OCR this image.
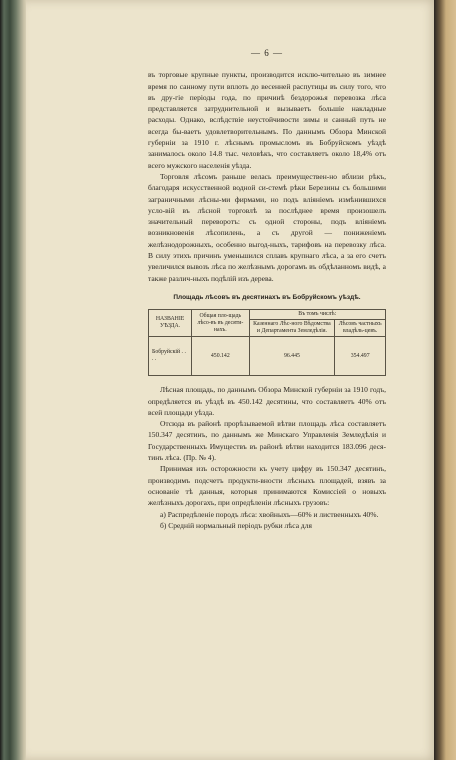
— 6 —

въ торговые крупные пункты, производится исклю-чительно въ зимнее время по санному пути вплоть до весенней распутицы въ силу того, что въ дру-гіе періоды года, по причинѣ бездорожья перевозка лѣса представляется затруднительной и вызываетъ большіе накладные расходы. Однако, вслѣдствіе неустойчивости зимы и санный путь не всегда бы-ваетъ удовлетворительнымъ. По даннымъ Обзора Минской губерніи за 1910 г. лѣснымъ промысломъ въ Бобруйскомъ уѣздѣ занималось около 14.8 тыс. человѣкъ, что составляетъ около 18,4% отъ всего мужского населенія уѣзда.

Торговля лѣсомъ раньше велась преимуществен-но вблизи рѣкъ, благодаря искусственной водной си-стемѣ рѣки Березины съ большими заграничными лѣсны-ми фирмами, но подъ вліяніемъ измѣнившихся усло-вій въ лѣсной торговлѣ за послѣднее время произошелъ значительный переворотъ: съ одной стороны, подъ вліяніемъ возникновенія лѣсопилень, а съ другой — пониженіемъ желѣзнодорожныхъ, особенно выгод-ныхъ, тарифовъ на перевозку лѣса. В силу этихъ причинъ уменьшился сплавъ крупнаго лѣса, а за его счетъ увеличился вывозъ лѣса по желѣзнымъ дорогамъ въ обдѣланномъ видѣ, а также различ-ныхъ подѣлій изъ дерева.

Площадь лѣсовъ въ десятинахъ въ Бобруйскомъ уѣздѣ.
НАЗВАНІЕ УѢЗДА.	Общая пло-щадь лѣсо-въ въ десяти-нахъ.	Въ томъ числѣ:	
		Казеннаго Лѣс-ного Вѣдомства и Департамента Земледѣлія.	Лѣсовъ частныхъ владѣль-цевъ.
Бобруйскій . . . .	450.142	96.445	354.497

Лѣсная площадь, по даннымъ Обзора Минской губерніи за 1910 годъ, опредѣляется въ уѣздѣ въ 450.142 десятины, что составляетъ 40% отъ всей площади уѣзда.

Отсюда въ районѣ прорѣзываемой вѣтви площадь лѣса составляетъ 150.347 десятинъ, по даннымъ же Минскаго Управленія Земледѣлія и Государственныхъ Имуществъ въ районѣ вѣтви находится 183.096 деся-тинъ лѣса. (Пр. № 4).

Принимая изъ осторожности къ учету цифру въ 150.347 десятинъ, производимъ подсчетъ продукти-вности лѣсныхъ площадей, взявъ за основаніе тѣ данныя, которыя принимаются Комиссіей о новыхъ желѣзныхъ дорогахъ, при опредѣленіи лѣсныхъ грузовъ:

а) Распредѣленіе породъ лѣса: хвойныхъ—60% и лиственныхъ 40%.

б) Средній нормальный періодъ рубки лѣса для
